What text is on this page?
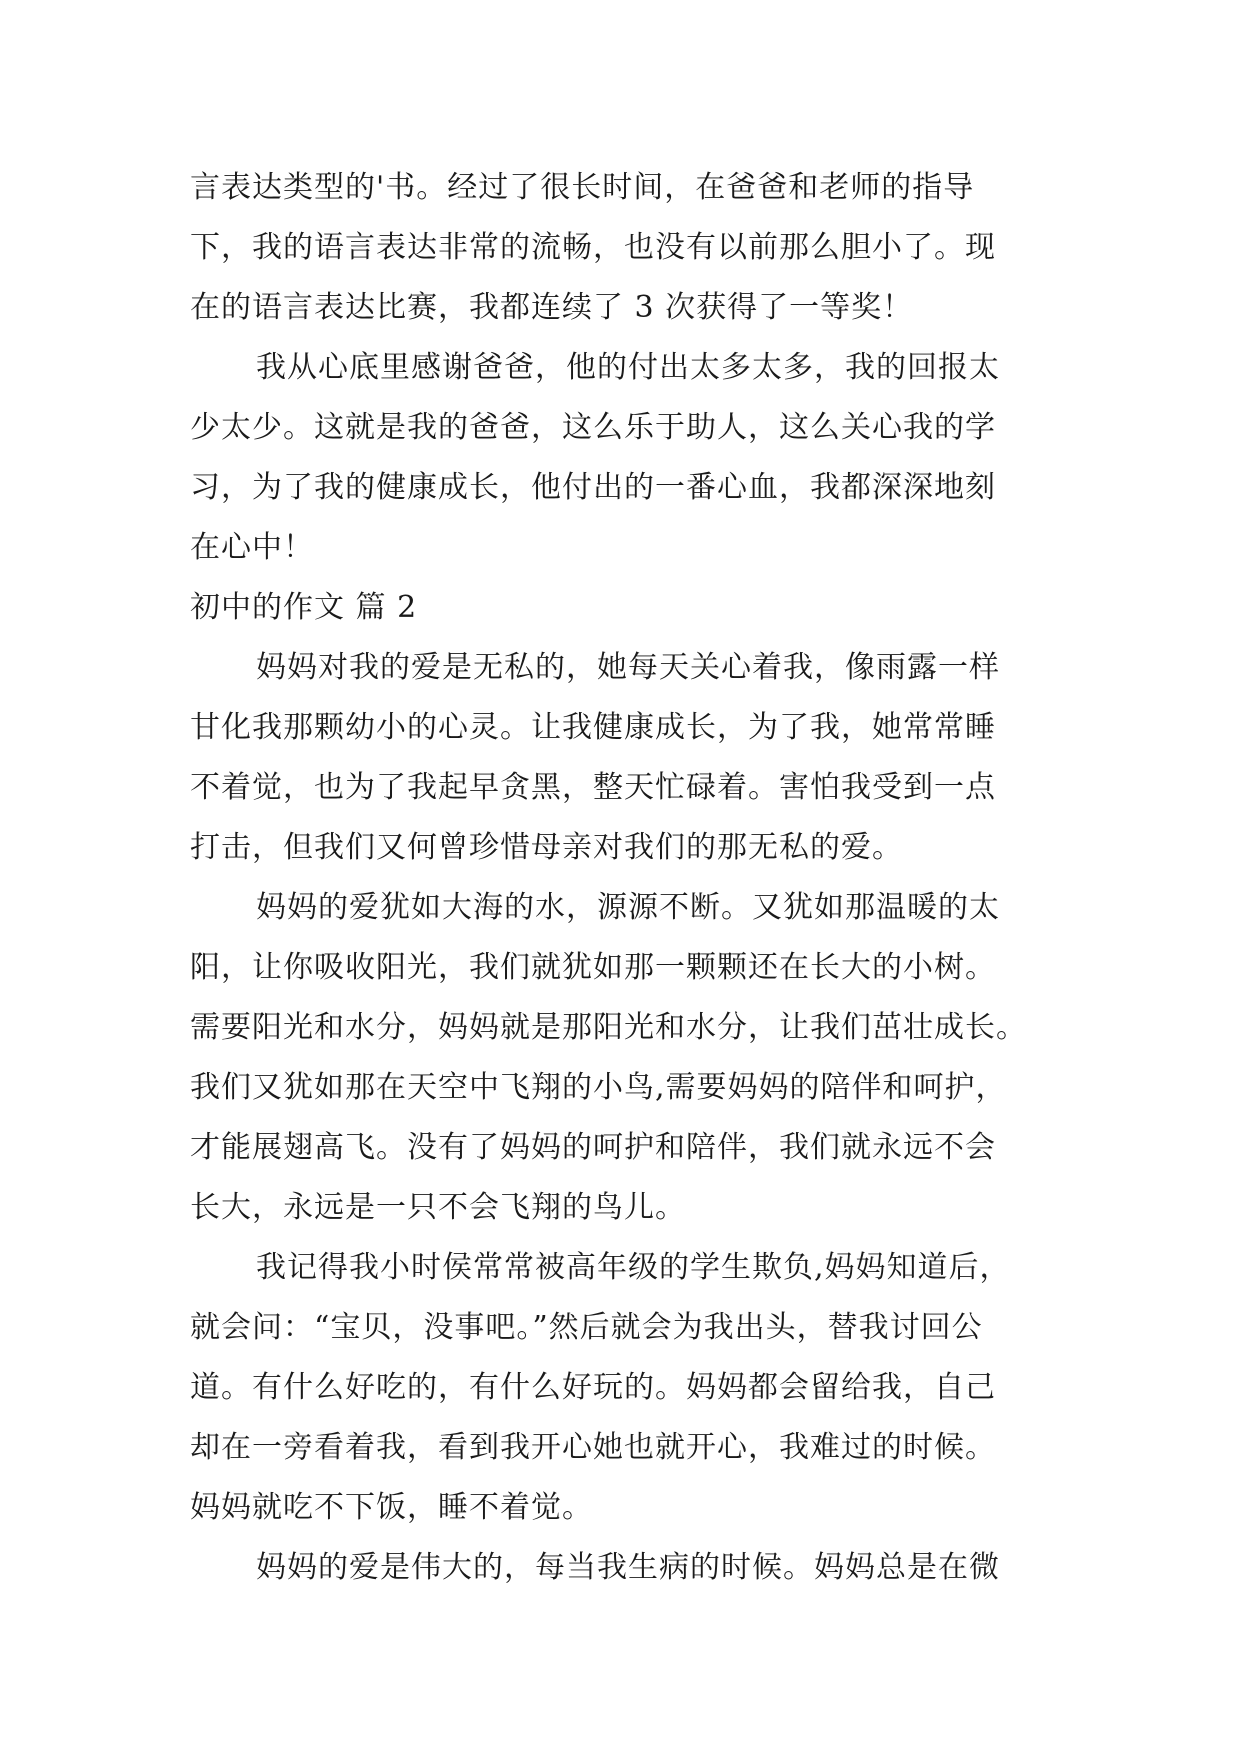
言表达类型的'书。经过了很长时间，在爸爸和老师的指导
下，我的语言表达非常的流畅，也没有以前那么胆小了。现
在的语言表达比赛，我都连续了 3 次获得了一等奖！
我从心底里感谢爸爸，他的付出太多太多，我的回报太
少太少。这就是我的爸爸，这么乐于助人，这么关心我的学
习，为了我的健康成长，他付出的一番心血，我都深深地刻
在心中！
初中的作文 篇 2
妈妈对我的爱是无私的，她每天关心着我，像雨露一样
甘化我那颗幼小的心灵。让我健康成长，为了我，她常常睡
不着觉，也为了我起早贪黑，整天忙碌着。害怕我受到一点
打击，但我们又何曾珍惜母亲对我们的那无私的爱。
妈妈的爱犹如大海的水，源源不断。又犹如那温暖的太
阳，让你吸收阳光，我们就犹如那一颗颗还在长大的小树。
需要阳光和水分，妈妈就是那阳光和水分，让我们茁壮成长。
我们又犹如那在天空中飞翔的小鸟,需要妈妈的陪伴和呵护，
才能展翅高飞。没有了妈妈的呵护和陪伴，我们就永远不会
长大，永远是一只不会飞翔的鸟儿。
我记得我小时侯常常被高年级的学生欺负,妈妈知道后，
就会问：“宝贝，没事吧。”然后就会为我出头，替我讨回公
道。有什么好吃的，有什么好玩的。妈妈都会留给我，自己
却在一旁看着我，看到我开心她也就开心，我难过的时候。
妈妈就吃不下饭，睡不着觉。
妈妈的爱是伟大的，每当我生病的时候。妈妈总是在微
